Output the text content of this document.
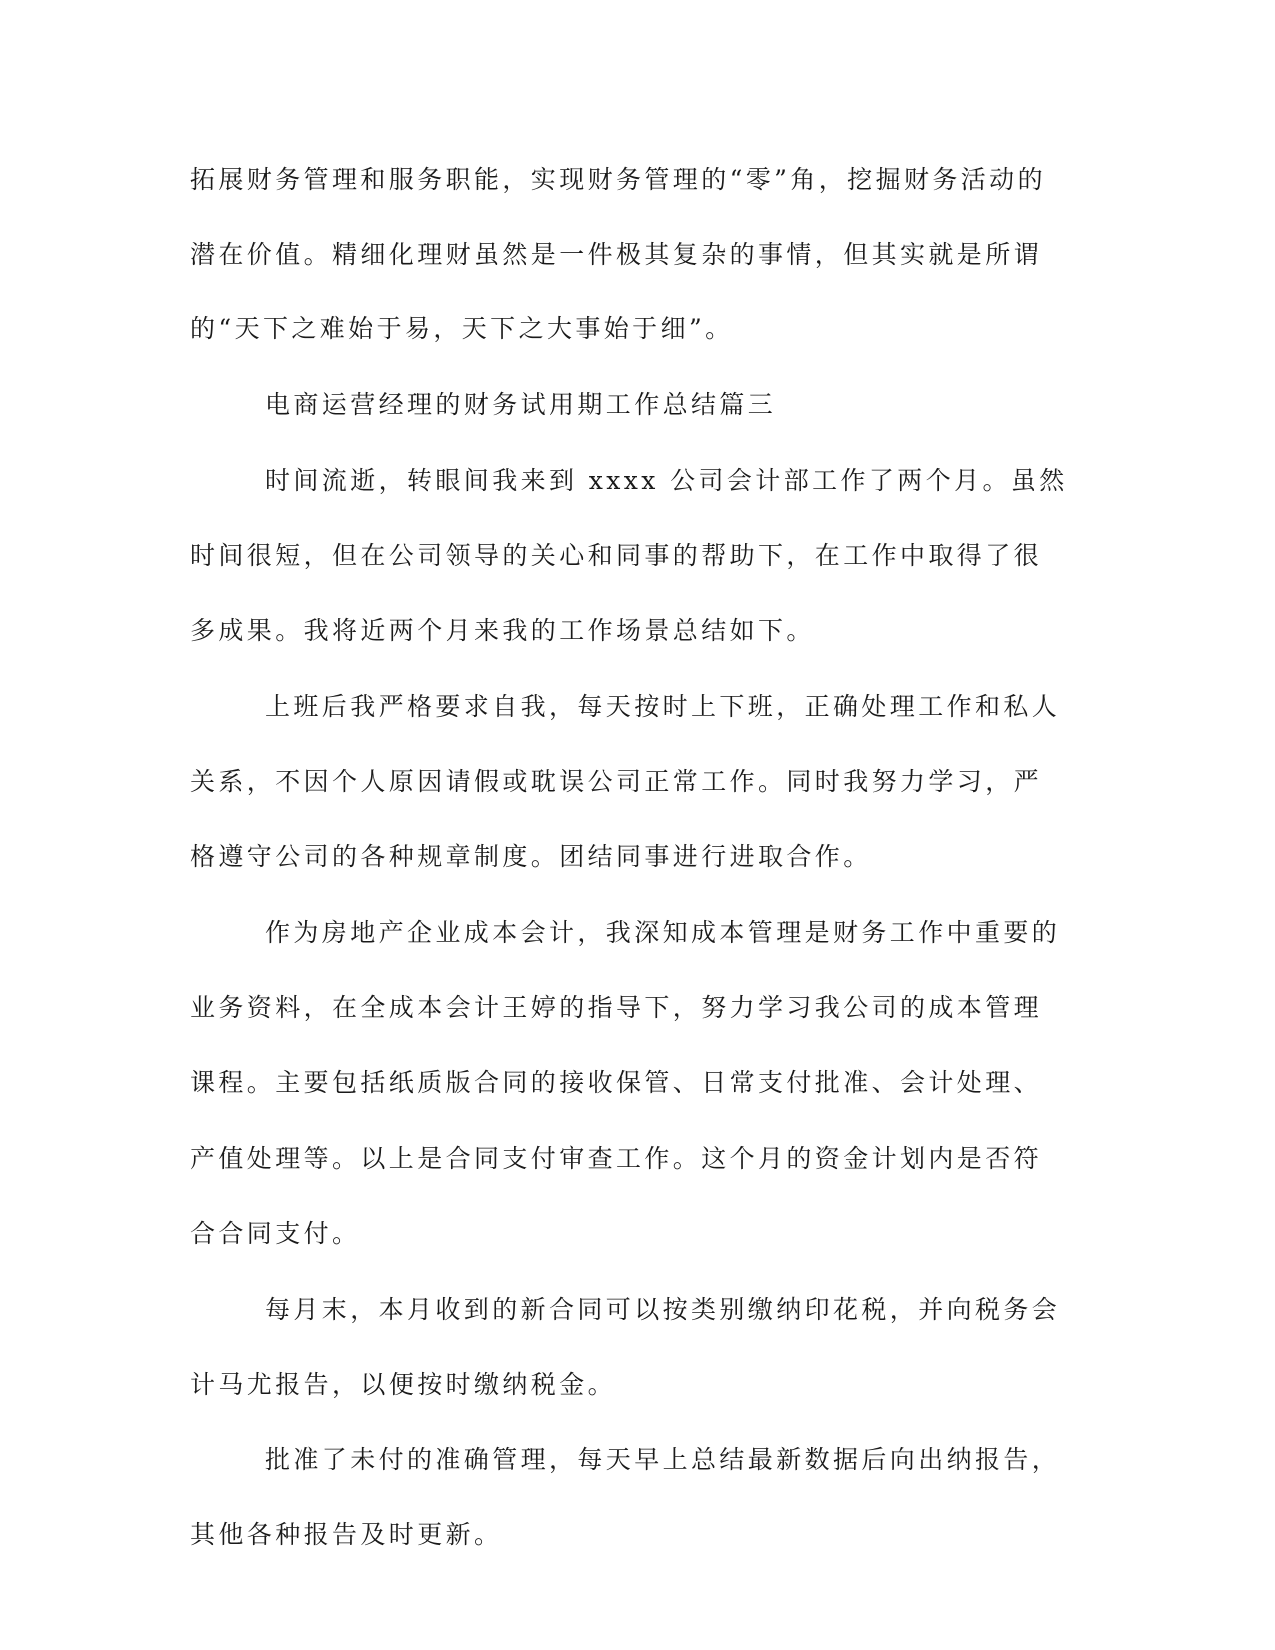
拓展财务管理和服务职能，实现财务管理的“零”角，挖掘财务活动的
潜在价值。精细化理财虽然是一件极其复杂的事情，但其实就是所谓
的“天下之难始于易，天下之大事始于细”。
电商运营经理的财务试用期工作总结篇三
时间流逝，转眼间我来到 xxxx 公司会计部工作了两个月。虽然
时间很短，但在公司领导的关心和同事的帮助下，在工作中取得了很
多成果。我将近两个月来我的工作场景总结如下。
上班后我严格要求自我，每天按时上下班，正确处理工作和私人
关系，不因个人原因请假或耽误公司正常工作。同时我努力学习，严
格遵守公司的各种规章制度。团结同事进行进取合作。
作为房地产企业成本会计，我深知成本管理是财务工作中重要的
业务资料，在全成本会计王婷的指导下，努力学习我公司的成本管理
课程。主要包括纸质版合同的接收保管、日常支付批准、会计处理、
产值处理等。以上是合同支付审查工作。这个月的资金计划内是否符
合合同支付。
每月末，本月收到的新合同可以按类别缴纳印花税，并向税务会
计马尤报告，以便按时缴纳税金。
批准了未付的准确管理，每天早上总结最新数据后向出纳报告，
其他各种报告及时更新。
